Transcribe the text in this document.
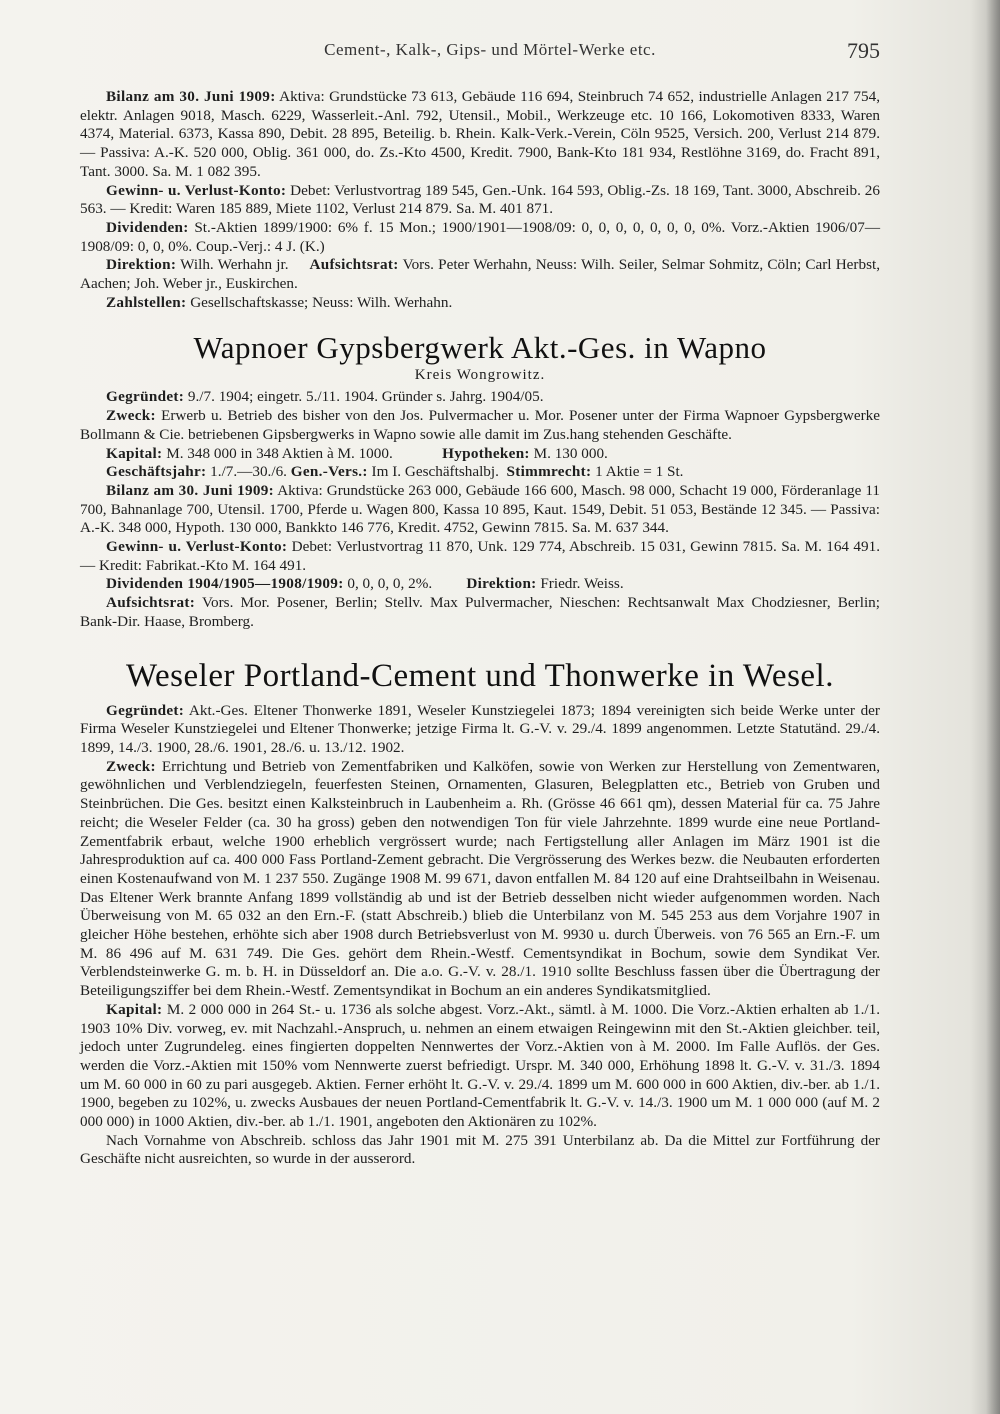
Cement-, Kalk-, Gips- und Mörtel-Werke etc.	795

Bilanz am 30. Juni 1909: Aktiva: Grundstücke 73 613, Gebäude 116 694, Steinbruch 74 652, industrielle Anlagen 217 754, elektr. Anlagen 9018, Masch. 6229, Wasserleit.-Anl. 792, Utensil., Mobil., Werkzeuge etc. 10 166, Lokomotiven 8333, Waren 4374, Material. 6373, Kassa 890, Debit. 28 895, Beteilig. b. Rhein. Kalk-Verk.-Verein, Cöln 9525, Versich. 200, Verlust 214 879. — Passiva: A.-K. 520 000, Oblig. 361 000, do. Zs.-Kto 4500, Kredit. 7900, Bank-Kto 181 934, Restlöhne 3169, do. Fracht 891, Tant. 3000. Sa. M. 1 082 395.

Gewinn- u. Verlust-Konto: Debet: Verlustvortrag 189 545, Gen.-Unk. 164 593, Oblig.-Zs. 18 169, Tant. 3000, Abschreib. 26 563. — Kredit: Waren 185 889, Miete 1102, Verlust 214 879. Sa. M. 401 871.

Dividenden: St.-Aktien 1899/1900: 6% f. 15 Mon.; 1900/1901—1908/09: 0, 0, 0, 0, 0, 0, 0, 0%. Vorz.-Aktien 1906/07—1908/09: 0, 0, 0%. Coup.-Verj.: 4 J. (K.)

Direktion: Wilh. Werhahn jr. Aufsichtsrat: Vors. Peter Werhahn, Neuss: Wilh. Seiler, Selmar Sohmitz, Cöln; Carl Herbst, Aachen; Joh. Weber jr., Euskirchen.

Zahlstellen: Gesellschaftskasse; Neuss: Wilh. Werhahn.

Wapnoer Gypsbergwerk Akt.-Ges. in Wapno
Kreis Wongrowitz.

Gegründet: 9./7. 1904; eingetr. 5./11. 1904. Gründer s. Jahrg. 1904/05.

Zweck: Erwerb u. Betrieb des bisher von den Jos. Pulvermacher u. Mor. Posener unter der Firma Wapnoer Gypsbergwerke Bollmann & Cie. betriebenen Gipsbergwerks in Wapno sowie alle damit im Zus.hang stehenden Geschäfte.

Kapital: M. 348 000 in 348 Aktien à M. 1000.	Hypotheken: M. 130 000.

Geschäftsjahr: 1./7.—30./6. Gen.-Vers.: Im I. Geschäftshalbj. Stimmrecht: 1 Aktie = 1 St.

Bilanz am 30. Juni 1909: Aktiva: Grundstücke 263 000, Gebäude 166 600, Masch. 98 000, Schacht 19 000, Förderanlage 11 700, Bahnanlage 700, Utensil. 1700, Pferde u. Wagen 800, Kassa 10 895, Kaut. 1549, Debit. 51 053, Bestände 12 345. — Passiva: A.-K. 348 000, Hypoth. 130 000, Bankkto 146 776, Kredit. 4752, Gewinn 7815. Sa. M. 637 344.

Gewinn- u. Verlust-Konto: Debet: Verlustvortrag 11 870, Unk. 129 774, Abschreib. 15 031, Gewinn 7815. Sa. M. 164 491. — Kredit: Fabrikat.-Kto M. 164 491.

Dividenden 1904/1905—1908/1909: 0, 0, 0, 0, 2%. Direktion: Friedr. Weiss.

Aufsichtsrat: Vors. Mor. Posener, Berlin; Stellv. Max Pulvermacher, Nieschen: Rechtsanwalt Max Chodziesner, Berlin; Bank-Dir. Haase, Bromberg.

Weseler Portland-Cement und Thonwerke in Wesel.

Gegründet: Akt.-Ges. Eltener Thonwerke 1891, Weseler Kunstziegelei 1873; 1894 vereinigten sich beide Werke unter der Firma Weseler Kunstziegelei und Eltener Thonwerke; jetzige Firma lt. G.-V. v. 29./4. 1899 angenommen. Letzte Statutänd. 29./4. 1899, 14./3. 1900, 28./6. 1901, 28./6. u. 13./12. 1902.

Zweck: Errichtung und Betrieb von Zementfabriken und Kalköfen, sowie von Werken zur Herstellung von Zementwaren, gewöhnlichen und Verblendziegeln, feuerfesten Steinen, Ornamenten, Glasuren, Belegplatten etc., Betrieb von Gruben und Steinbrüchen. Die Ges. besitzt einen Kalksteinbruch in Laubenheim a. Rh. (Grösse 46 661 qm), dessen Material für ca. 75 Jahre reicht; die Weseler Felder (ca. 30 ha gross) geben den notwendigen Ton für viele Jahrzehnte. 1899 wurde eine neue Portland-Zementfabrik erbaut, welche 1900 erheblich vergrössert wurde; nach Fertigstellung aller Anlagen im März 1901 ist die Jahresproduktion auf ca. 400 000 Fass Portland-Zement gebracht. Die Vergrösserung des Werkes bezw. die Neubauten erforderten einen Kostenaufwand von M. 1 237 550. Zugänge 1908 M. 99 671, davon entfallen M. 84 120 auf eine Drahtseilbahn in Weisenau. Das Eltener Werk brannte Anfang 1899 vollständig ab und ist der Betrieb desselben nicht wieder aufgenommen worden. Nach Überweisung von M. 65 032 an den Ern.-F. (statt Abschreib.) blieb die Unterbilanz von M. 545 253 aus dem Vorjahre 1907 in gleicher Höhe bestehen, erhöhte sich aber 1908 durch Betriebsverlust von M. 9930 u. durch Überweis. von 76 565 an Ern.-F. um M. 86 496 auf M. 631 749. Die Ges. gehört dem Rhein.-Westf. Cementsyndikat in Bochum, sowie dem Syndikat Ver. Verblendsteinwerke G. m. b. H. in Düsseldorf an. Die a.o. G.-V. v. 28./1. 1910 sollte Beschluss fassen über die Übertragung der Beteiligungsziffer bei dem Rhein.-Westf. Zementsyndikat in Bochum an ein anderes Syndikatsmitglied.

Kapital: M. 2 000 000 in 264 St.- u. 1736 als solche abgest. Vorz.-Akt., sämtl. à M. 1000. Die Vorz.-Aktien erhalten ab 1./1. 1903 10% Div. vorweg, ev. mit Nachzahl.-Anspruch, u. nehmen an einem etwaigen Reingewinn mit den St.-Aktien gleichber. teil, jedoch unter Zugrundeleg. eines fingierten doppelten Nennwertes der Vorz.-Aktien von à M. 2000. Im Falle Auflös. der Ges. werden die Vorz.-Aktien mit 150% vom Nennwerte zuerst befriedigt. Urspr. M. 340 000, Erhöhung 1898 lt. G.-V. v. 31./3. 1894 um M. 60 000 in 60 zu pari ausgegeb. Aktien. Ferner erhöht lt. G.-V. v. 29./4. 1899 um M. 600 000 in 600 Aktien, div.-ber. ab 1./1. 1900, begeben zu 102%, u. zwecks Ausbaues der neuen Portland-Cementfabrik lt. G.-V. v. 14./3. 1900 um M. 1 000 000 (auf M. 2 000 000) in 1000 Aktien, div.-ber. ab 1./1. 1901, angeboten den Aktionären zu 102%.

Nach Vornahme von Abschreib. schloss das Jahr 1901 mit M. 275 391 Unterbilanz ab. Da die Mittel zur Fortführung der Geschäfte nicht ausreichten, so wurde in der ausserord.
